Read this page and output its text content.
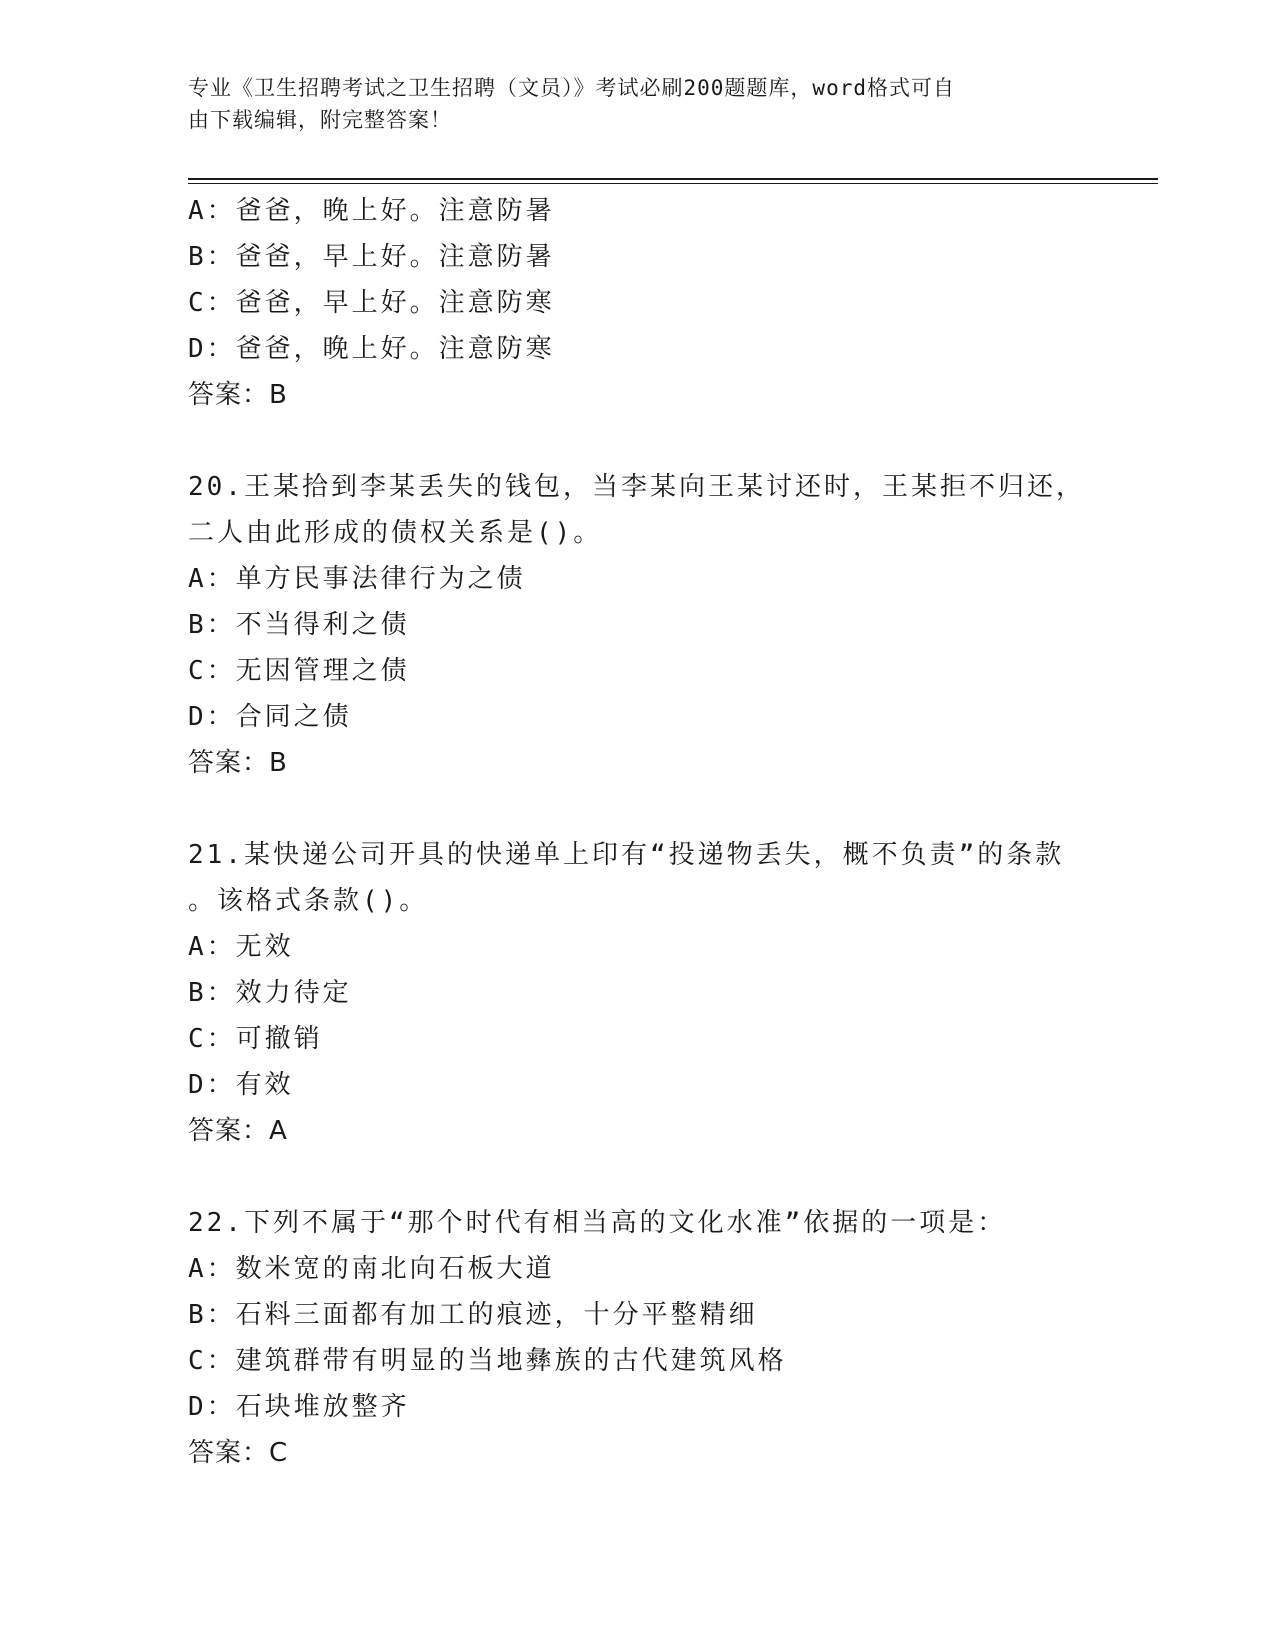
专业《卫生招聘考试之卫生招聘（文员）》考试必刷200题题库，word格式可自
由下载编辑，附完整答案！
A：爸爸，晚上好。注意防暑
B：爸爸，早上好。注意防暑
C：爸爸，早上好。注意防寒
D：爸爸，晚上好。注意防寒
答案：B
20.王某拾到李某丢失的钱包，当李某向王某讨还时，王某拒不归还，
二人由此形成的债权关系是()。
A：单方民事法律行为之债
B：不当得利之债
C：无因管理之债
D：合同之债
答案：B
21.某快递公司开具的快递单上印有“投递物丢失，概不负责”的条款
。该格式条款()。
A：无效
B：效力待定
C：可撤销
D：有效
答案：A
22.下列不属于“那个时代有相当高的文化水准”依据的一项是：
A：数米宽的南北向石板大道
B：石料三面都有加工的痕迹，十分平整精细
C：建筑群带有明显的当地彝族的古代建筑风格
D：石块堆放整齐
答案：C
